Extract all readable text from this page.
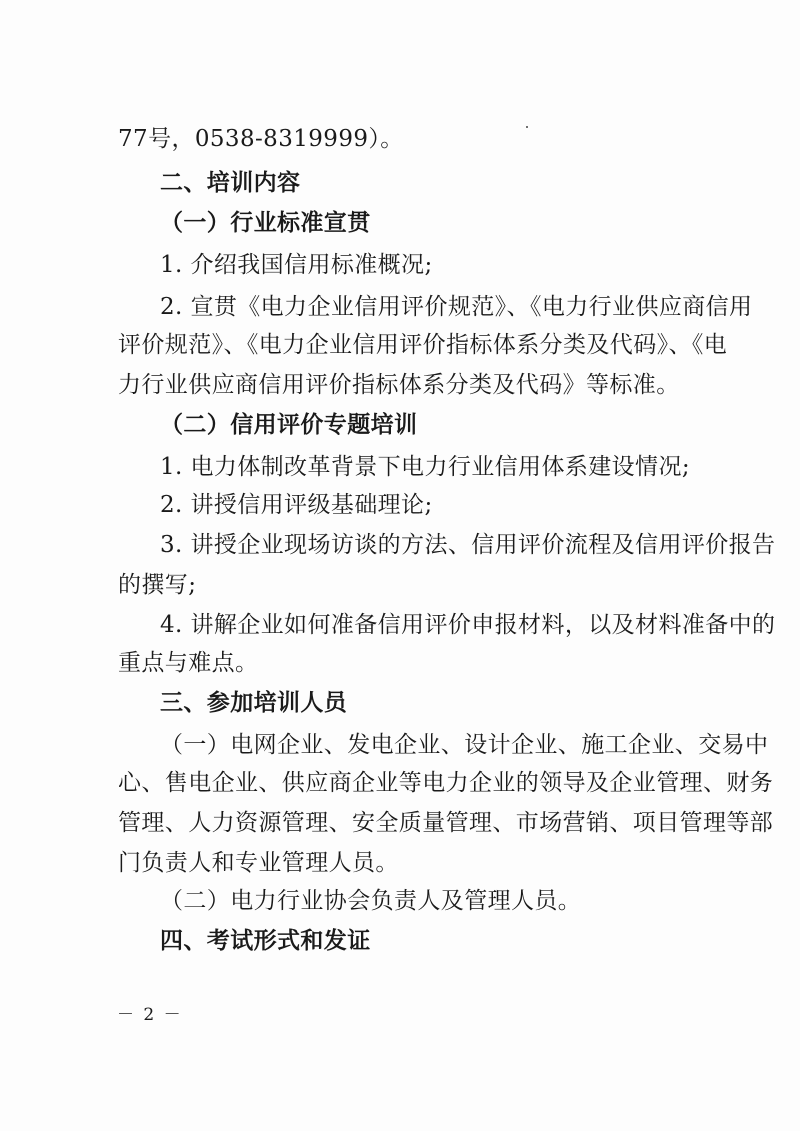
77号，0538-8319999）。
二、培训内容
（一）行业标准宣贯
1. 介绍我国信用标准概况;
2. 宣贯《电力企业信用评价规范》、《电力行业供应商信用
评价规范》、《电力企业信用评价指标体系分类及代码》、《电
力行业供应商信用评价指标体系分类及代码》等标准。
（二）信用评价专题培训
1. 电力体制改革背景下电力行业信用体系建设情况;
2. 讲授信用评级基础理论;
3. 讲授企业现场访谈的方法、信用评价流程及信用评价报告
的撰写;
4. 讲解企业如何准备信用评价申报材料，以及材料准备中的
重点与难点。
三、参加培训人员
（一）电网企业、发电企业、设计企业、施工企业、交易中
心、售电企业、供应商企业等电力企业的领导及企业管理、财务
管理、人力资源管理、安全质量管理、市场营销、项目管理等部
门负责人和专业管理人员。
（二）电力行业协会负责人及管理人员。
四、考试形式和发证
－ 2 －
